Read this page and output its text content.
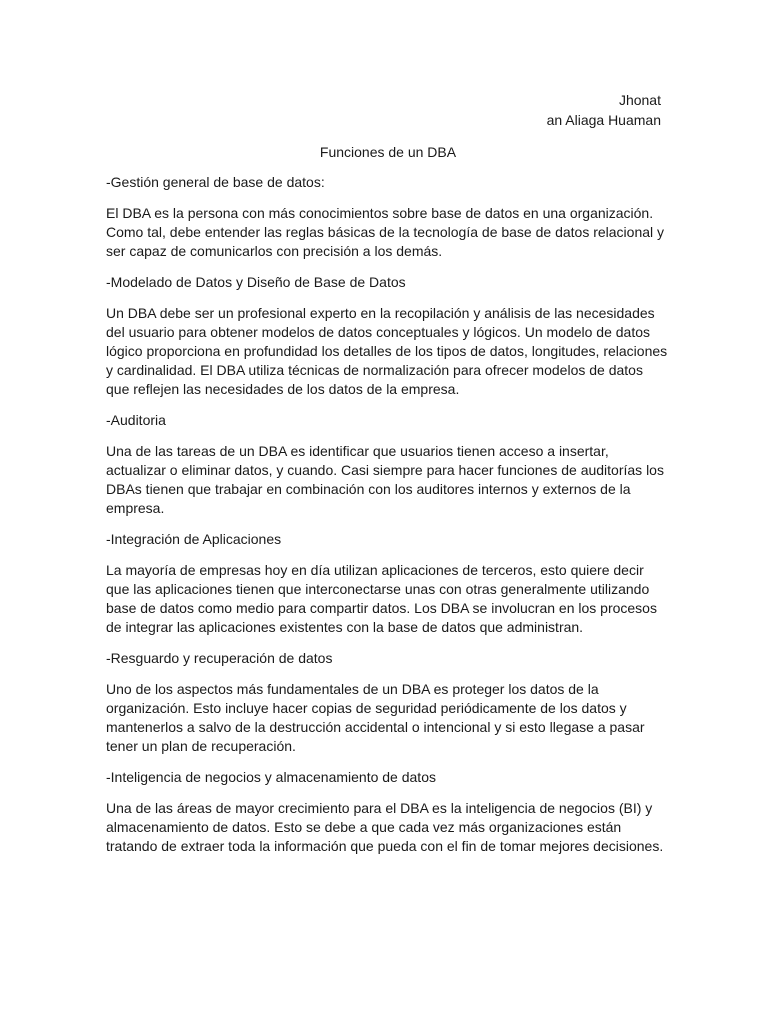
Jhonat
an Aliaga Huaman
Funciones de un DBA

-Gestión general de base de datos:

El DBA es la persona con más conocimientos sobre base de datos en una organización.
Como tal, debe entender las reglas básicas de la tecnología de base de datos relacional y
ser capaz de comunicarlos con precisión a los demás.

-Modelado de Datos y Diseño de Base de Datos

Un DBA debe ser un profesional experto en la recopilación y análisis de las necesidades
del usuario para obtener modelos de datos conceptuales y lógicos. Un modelo de datos
lógico proporciona en profundidad los detalles de los tipos de datos, longitudes, relaciones
y cardinalidad. El DBA utiliza técnicas de normalización para ofrecer modelos de datos
que reflejen las necesidades de los datos de la empresa.

-Auditoria

Una de las tareas de un DBA es identificar que usuarios tienen acceso a insertar,
actualizar o eliminar datos, y cuando. Casi siempre para hacer funciones de auditorías los
DBAs tienen que trabajar en combinación con los auditores internos y externos de la
empresa.

-Integración de Aplicaciones

La mayoría de empresas hoy en día utilizan aplicaciones de terceros, esto quiere decir
que las aplicaciones tienen que interconectarse unas con otras generalmente utilizando
base de datos como medio para compartir datos. Los DBA se involucran en los procesos
de integrar las aplicaciones existentes con la base de datos que administran.

-Resguardo y recuperación de datos

Uno de los aspectos más fundamentales de un DBA es proteger los datos de la
organización. Esto incluye hacer copias de seguridad periódicamente de los datos y
mantenerlos a salvo de la destrucción accidental o intencional y si esto llegase a pasar
tener un plan de recuperación.

-Inteligencia de negocios y almacenamiento de datos

Una de las áreas de mayor crecimiento para el DBA es la inteligencia de negocios (BI) y
almacenamiento de datos. Esto se debe a que cada vez más organizaciones están
tratando de extraer toda la información que pueda con el fin de tomar mejores decisiones.
